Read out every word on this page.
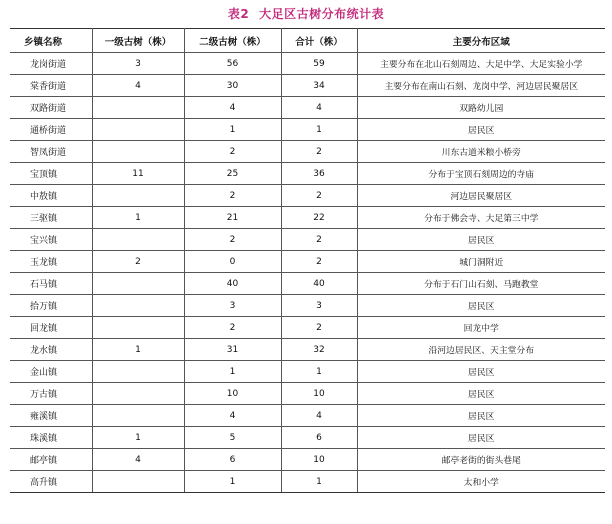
表2 大足区古树分布统计表
乡镇名称	一级古树（株）	二级古树（株）	合计（株）	主要分布区域
龙岗街道	3	56	59	主要分布在北山石刻周边、大足中学、大足实验小学
棠香街道	4	30	34	主要分布在南山石刻、龙岗中学、河边居民聚居区
双路街道		4	4	双路幼儿园
通桥街道		1	1	居民区
智凤街道		2	2	川东古道米粮小桥旁
宝顶镇	11	25	36	分布于宝顶石刻周边的寺庙
中敖镇		2	2	河边居民聚居区
三驱镇	1	21	22	分布于佛会寺、大足第三中学
宝兴镇		2	2	居民区
玉龙镇	2	0	2	城门洞附近
石马镇		40	40	分布于石门山石刻、马跑教堂
拾万镇		3	3	居民区
回龙镇		2	2	回龙中学
龙水镇	1	31	32	沿河边居民区、天主堂分布
金山镇		1	1	居民区
万古镇		10	10	居民区
雍溪镇		4	4	居民区
珠溪镇	1	5	6	居民区
邮亭镇	4	6	10	邮亭老街的街头巷尾
高升镇		1	1	太和小学
